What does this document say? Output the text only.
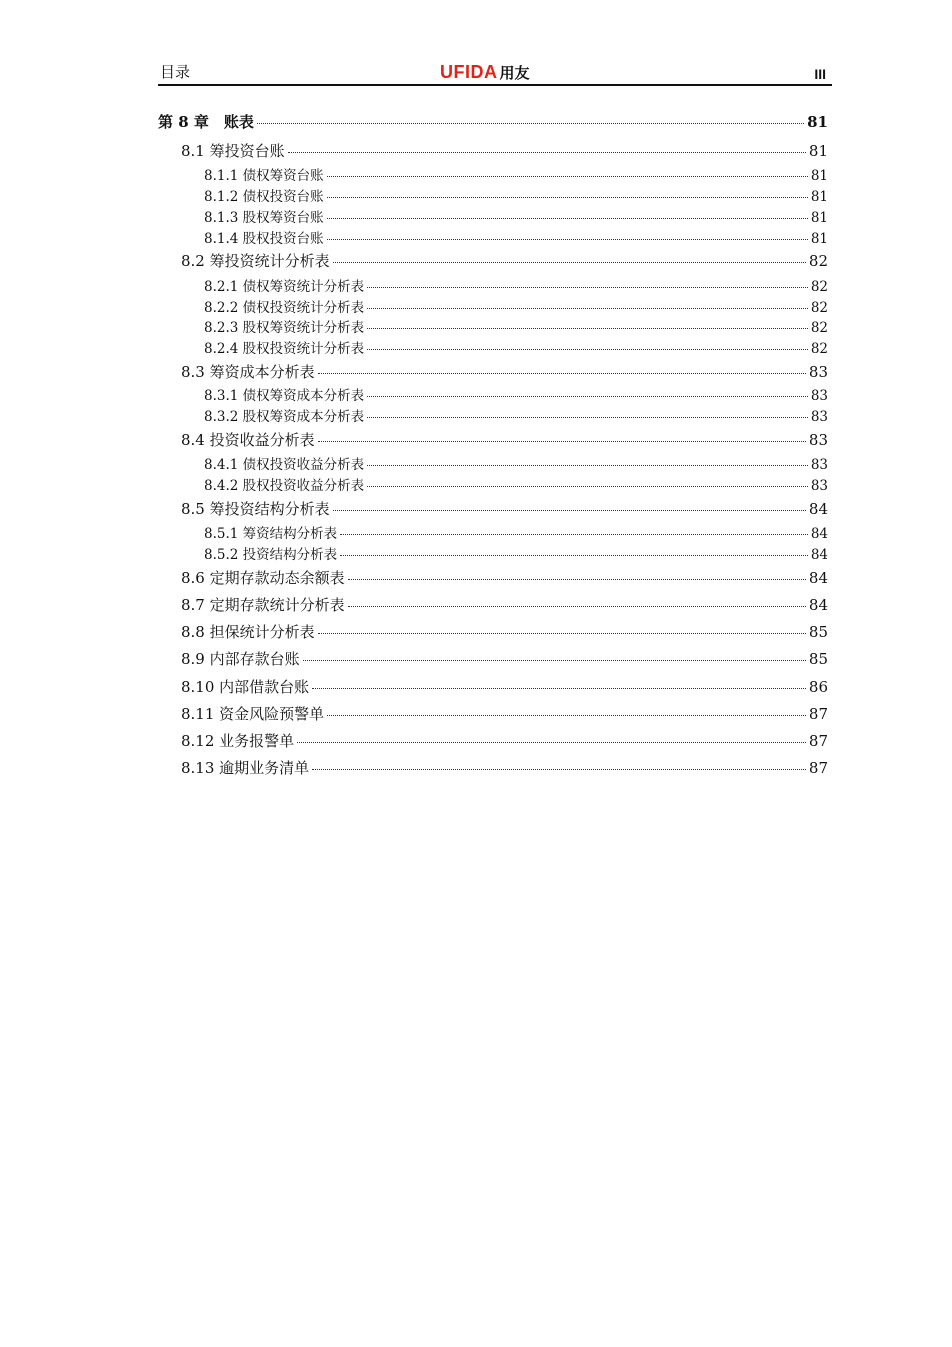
目录	UFIDA 用友	III
第 8 章　账表	81
8.1 筹投资台账	81
8.1.1 债权筹资台账	81
8.1.2 债权投资台账	81
8.1.3 股权筹资台账	81
8.1.4 股权投资台账	81
8.2 筹投资统计分析表	82
8.2.1 债权筹资统计分析表	82
8.2.2 债权投资统计分析表	82
8.2.3 股权筹资统计分析表	82
8.2.4 股权投资统计分析表	82
8.3 筹资成本分析表	83
8.3.1 债权筹资成本分析表	83
8.3.2 股权筹资成本分析表	83
8.4 投资收益分析表	83
8.4.1 债权投资收益分析表	83
8.4.2 股权投资收益分析表	83
8.5 筹投资结构分析表	84
8.5.1 筹资结构分析表	84
8.5.2 投资结构分析表	84
8.6 定期存款动态余额表	84
8.7 定期存款统计分析表	84
8.8 担保统计分析表	85
8.9 内部存款台账	85
8.10 内部借款台账	86
8.11 资金风险预警单	87
8.12 业务报警单	87
8.13 逾期业务清单	87
